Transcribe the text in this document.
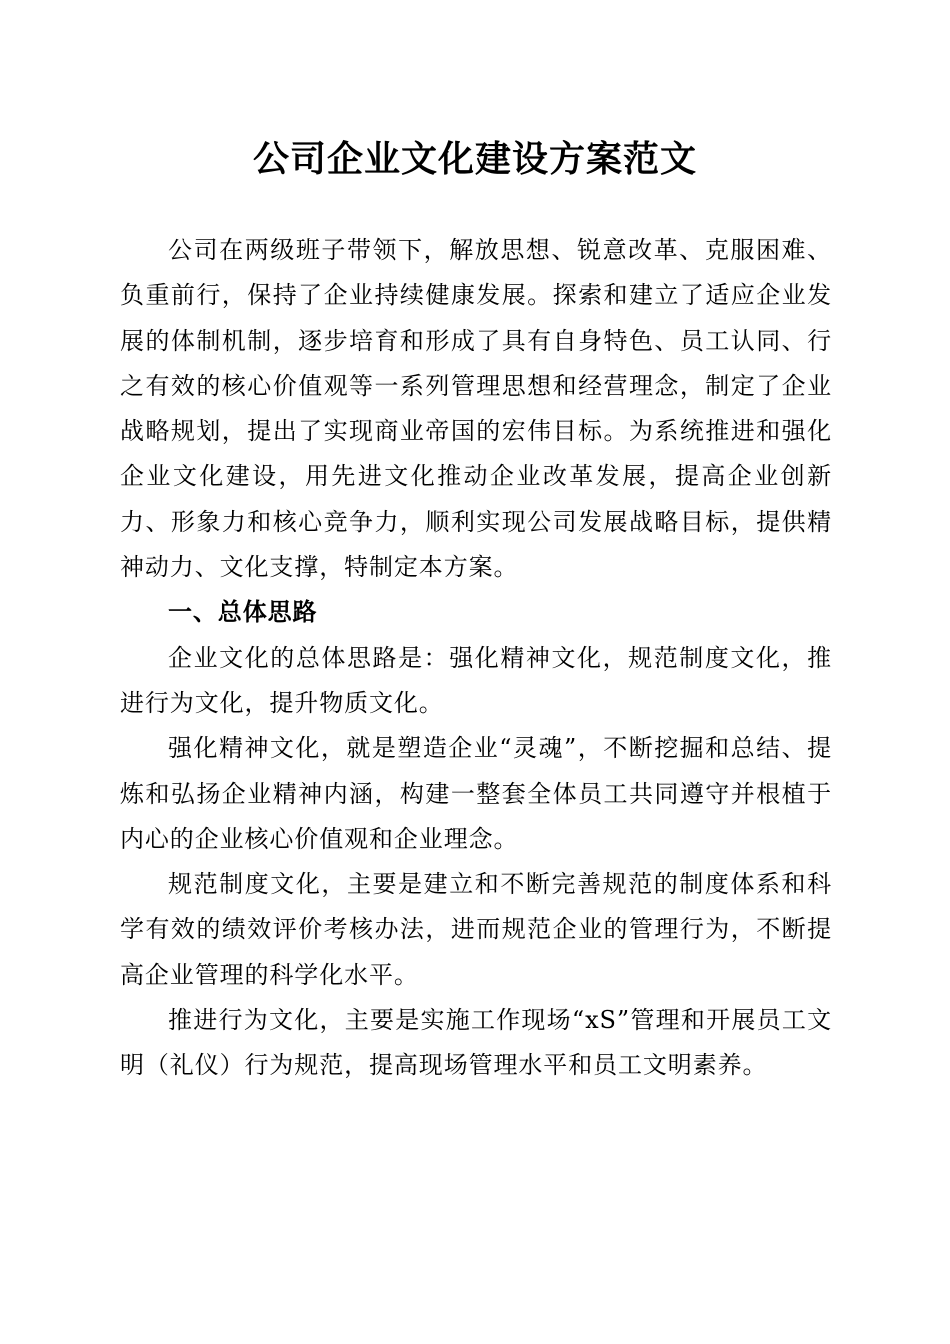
公司企业文化建设方案范文

公司在两级班子带领下，解放思想、锐意改革、克服困难、负重前行，保持了企业持续健康发展。探索和建立了适应企业发展的体制机制，逐步培育和形成了具有自身特色、员工认同、行之有效的核心价值观等一系列管理思想和经营理念，制定了企业战略规划，提出了实现商业帝国的宏伟目标。为系统推进和强化企业文化建设，用先进文化推动企业改革发展，提高企业创新力、形象力和核心竞争力，顺利实现公司发展战略目标，提供精神动力、文化支撑，特制定本方案。

一、总体思路

企业文化的总体思路是：强化精神文化，规范制度文化，推进行为文化，提升物质文化。

强化精神文化，就是塑造企业“灵魂”，不断挖掘和总结、提炼和弘扬企业精神内涵，构建一整套全体员工共同遵守并根植于内心的企业核心价值观和企业理念。

规范制度文化，主要是建立和不断完善规范的制度体系和科学有效的绩效评价考核办法，进而规范企业的管理行为，不断提高企业管理的科学化水平。

推进行为文化，主要是实施工作现场“xS”管理和开展员工文明（礼仪）行为规范，提高现场管理水平和员工文明素养。
